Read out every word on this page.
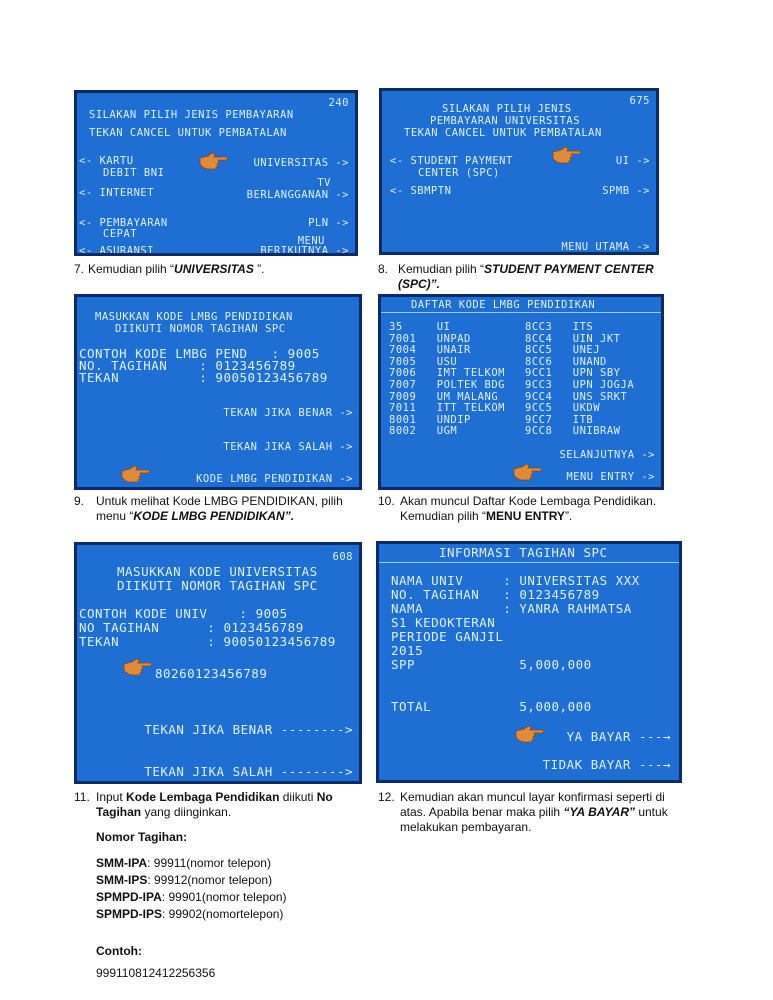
240
SILAKAN PILIH JENIS PEMBAYARAN
TEKAN CANCEL UNTUK PEMBATALAN
<- KARTU
DEBIT BNI
UNIVERSITAS ->
<- INTERNET
TV
BERLANGGANAN ->
<- PEMBAYARAN
CEPAT
PLN ->
<- ASURANSI
MENU
BERIKUTNYA ->
675
SILAKAN PILIH JENIS
PEMBAYARAN UNIVERSITAS
TEKAN CANCEL UNTUK PEMBATALAN
<- STUDENT PAYMENT
CENTER (SPC)
UI ->
<- SBMPTN	SPMB ->
MENU UTAMA ->
7. Kemudian pilih “UNIVERSITAS ”.	8. Kemudian pilih “STUDENT PAYMENT CENTER
(SPC)”.
MASUKKAN KODE LMBG PENDIDIKAN
DIIKUTI NOMOR TAGIHAN SPC
CONTOH KODE LMBG PEND   : 9005
NO. TAGIHAN    : 0123456789
TEKAN          : 90050123456789
TEKAN JIKA BENAR ->
TEKAN JIKA SALAH ->
KODE LMBG PENDIDIKAN ->
DAFTAR KODE LMBG PENDIDIKAN
35     UI
7001   UNPAD
7004   UNAIR
7005   USU
7006   IMT TELKOM
7007   POLTEK BDG
7009   UM MALANG
7011   ITT TELKOM
8001   UNDIP
8002   UGM
8CC3   ITS
8CC4   UIN JKT
8CC5   UNEJ
8CC6   UNAND
9CC1   UPN SBY
9CC3   UPN JOGJA
9CC4   UNS SRKT
9CC5   UKDW
9CC7   ITB
9CC8   UNIBRAW
SELANJUTNYA ->
MENU ENTRY ->
9. Untuk melihat Kode LMBG PENDIDIKAN, pilih
menu “KODE LMBG PENDIDIKAN”.
10. Akan muncul Daftar Kode Lembaga Pendidikan.
Kemudian pilih “MENU ENTRY”.
608
MASUKKAN KODE UNIVERSITAS
DIIKUTI NOMOR TAGIHAN SPC
CONTOH KODE UNIV    : 9005
NO TAGIHAN      : 0123456789
TEKAN           : 90050123456789
80260123456789
TEKAN JIKA BENAR -------->
TEKAN JIKA SALAH -------->
INFORMASI TAGIHAN SPC
NAMA UNIV     : UNIVERSITAS XXX
NO. TAGIHAN   : 0123456789
NAMA          : YANRA RAHMATSA
S1 KEDOKTERAN
PERIODE GANJIL
2015
SPP             5,000,000
TOTAL           5,000,000
YA BAYAR ---→
TIDAK BAYAR ---→
11. Input Kode Lembaga Pendidikan diikuti No
Tagihan yang diinginkan.
12. Kemudian akan muncul layar konfirmasi seperti di
atas. Apabila benar maka pilih “YA BAYAR” untuk
melakukan pembayaran.
Nomor Tagihan:
SMM-IPA: 99911(nomor telepon)
SMM-IPS: 99912(nomor telepon)
SPMPD-IPA: 99901(nomor telepon)
SPMPD-IPS: 99902(nomortelepon)
Contoh:
999110812412256356
